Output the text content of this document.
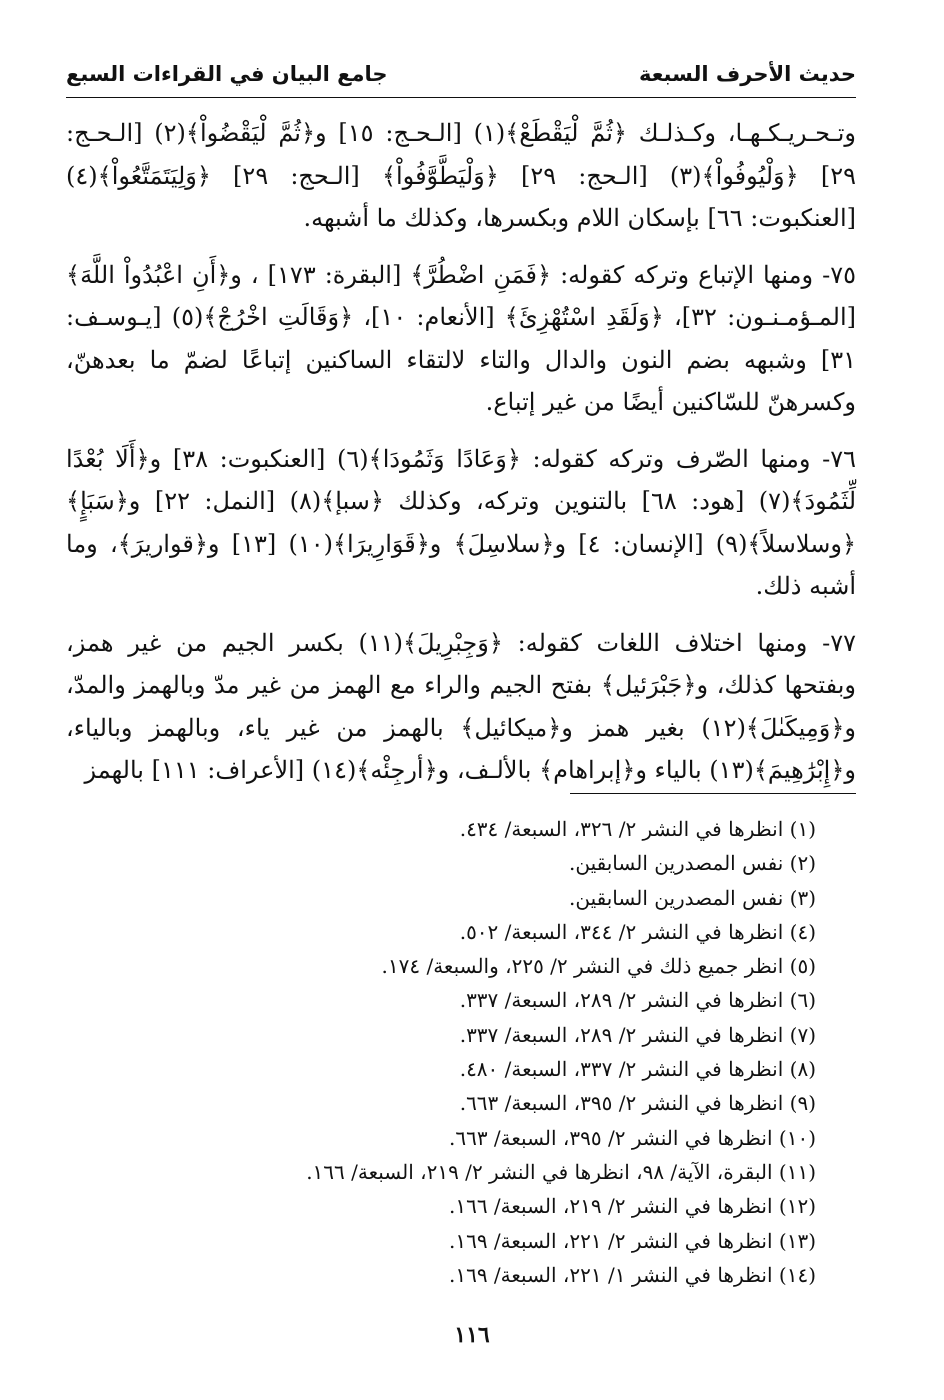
حديث الأحرف السبعة
جامع البيان في القراءات السبع

وتـحـريـكـهـا، وكـذلـك ﴿ثُمَّ لْيَقْطَعْ﴾(١) [الـحـج: ١٥] و﴿ثُمَّ لْيَقْضُواْ﴾(٢) [الـحـج: ٢٩] ﴿وَلْيُوفُواْ﴾(٣) [الـحج: ٢٩] ﴿وَلْيَطَّوَّفُواْ﴾ [الـحج: ٢٩] ﴿وَلِيَتَمَتَّعُواْ﴾(٤) [العنكبوت: ٦٦] بإسكان اللام وبكسرها، وكذلك ما أشبهه.

٧٥- ومنها الإتباع وتركه كقوله: ﴿فَمَنِ اضْطُرَّ﴾ [البقرة: ١٧٣] ، و﴿أَنِ اعْبُدُواْ اللَّهَ﴾ [المـؤمـنـون: ٣٢]، ﴿وَلَقَدِ اسْتُهْزِئَ﴾ [الأنعام: ١٠]، ﴿وَقَالَتِ اخْرُجْ﴾(٥) [يـوسـف: ٣١] وشبهه بضم النون والدال والتاء لالتقاء الساكنين إتباعًا لضمّ ما بعدهنّ، وكسرهنّ للسّاكنين أيضًا من غير إتباع.

٧٦- ومنها الصّرف وتركه كقوله: ﴿وَعَادًا وَثَمُودَا﴾(٦) [العنكبوت: ٣٨] و﴿أَلَا بُعْدًا لِّثَمُودَ﴾(٧) [هود: ٦٨] بالتنوين وتركه، وكذلك ﴿سبإ﴾(٨) [النمل: ٢٢] و﴿سَبَإٍ﴾ ﴿وسلاسلاً﴾(٩) [الإنسان: ٤] و﴿سلاسِلَ﴾ و﴿قَوَارِيرَا﴾(١٠) [١٣] و﴿قواريرَ﴾، وما أشبه ذلك.

٧٧- ومنها اختلاف اللغات كقوله: ﴿وَجِبْرِيلَ﴾(١١) بكسر الجيم من غير همز، وبفتحها كذلك، و﴿جَبْرَئيل﴾ بفتح الجيم والراء مع الهمز من غير مدّ وبالهمز والمدّ، و﴿وَمِيكَىٰلَ﴾(١٢) بغير همز و﴿ميكائيل﴾ بالهمز من غير ياء، وبالهمز وبالياء، و﴿إِبْرَٰهِيمَ﴾(١٣) بالياء و﴿إبراهام﴾ بالألـف، و﴿أرجِئْه﴾(١٤) [الأعراف: ١١١] بالهمز

(١) انظرها في النشر ٢/ ٣٢٦، السبعة/ ٤٣٤.
(٢) نفس المصدرين السابقين.
(٣) نفس المصدرين السابقين.
(٤) انظرها في النشر ٢/ ٣٤٤، السبعة/ ٥٠٢.
(٥) انظر جميع ذلك في النشر ٢/ ٢٢٥، والسبعة/ ١٧٤.
(٦) انظرها في النشر ٢/ ٢٨٩، السبعة/ ٣٣٧.
(٧) انظرها في النشر ٢/ ٢٨٩، السبعة/ ٣٣٧.
(٨) انظرها في النشر ٢/ ٣٣٧، السبعة/ ٤٨٠.
(٩) انظرها في النشر ٢/ ٣٩٥، السبعة/ ٦٦٣.
(١٠) انظرها في النشر ٢/ ٣٩٥، السبعة/ ٦٦٣.
(١١) البقرة، الآية/ ٩٨، انظرها في النشر ٢/ ٢١٩، السبعة/ ١٦٦.
(١٢) انظرها في النشر ٢/ ٢١٩، السبعة/ ١٦٦.
(١٣) انظرها في النشر ٢/ ٢٢١، السبعة/ ١٦٩.
(١٤) انظرها في النشر ١/ ٢٢١، السبعة/ ١٦٩.
١١٦
